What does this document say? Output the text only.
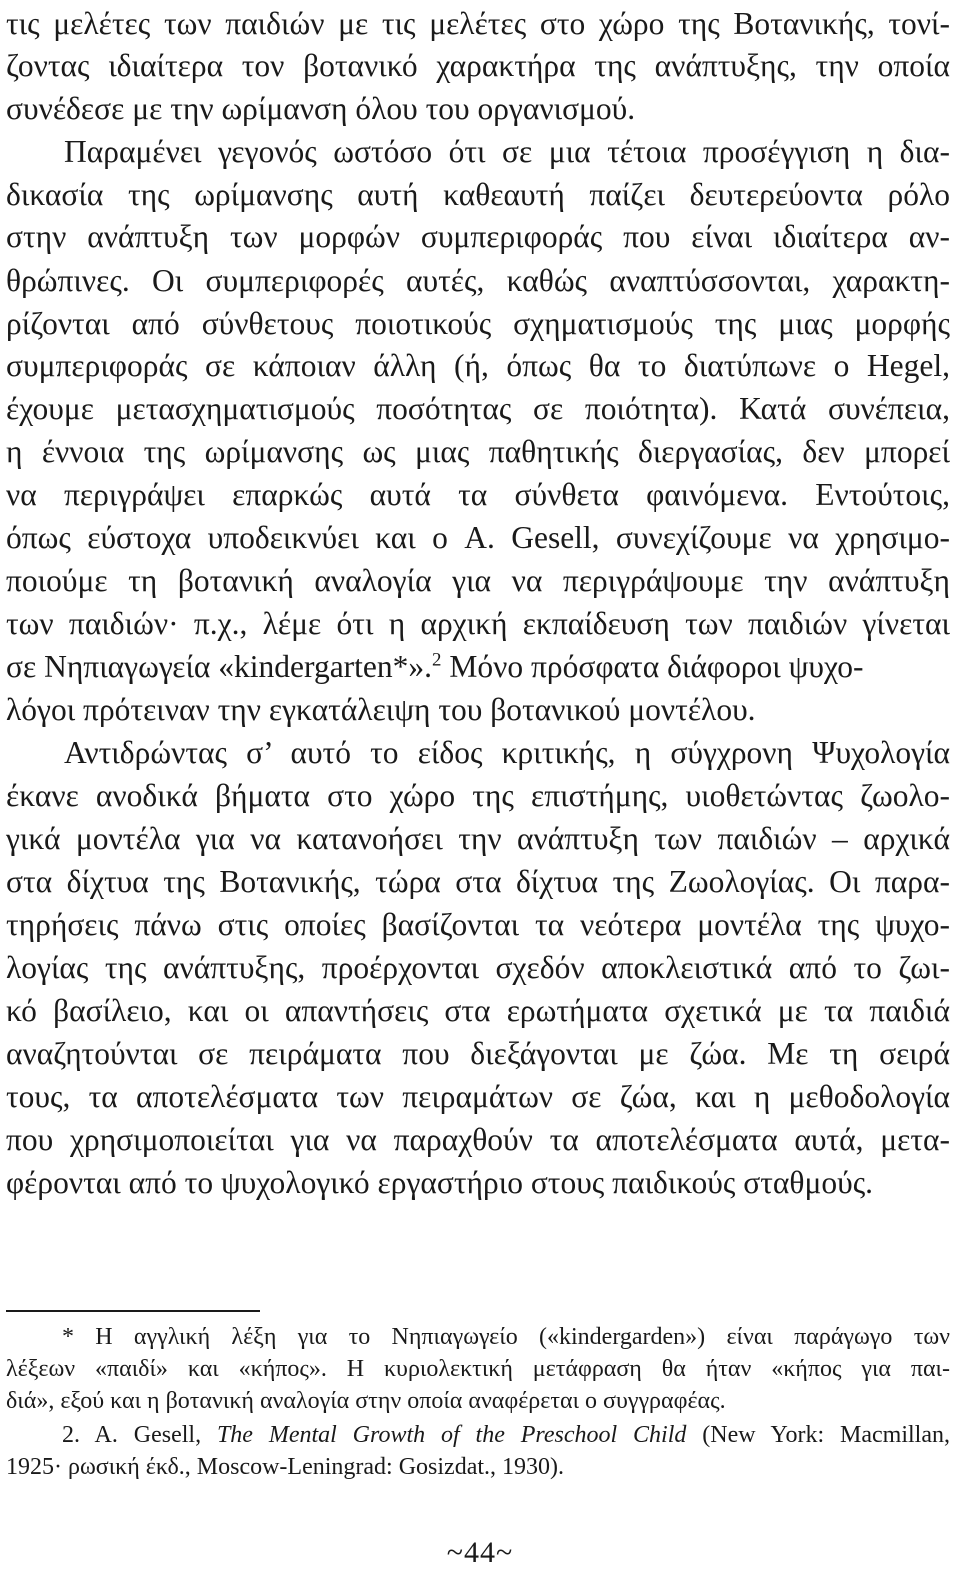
τις μελέτες των παιδιών με τις μελέτες στο χώρο της Βοτανικής, τονί-
ζοντας ιδιαίτερα τον βοτανικό χαρακτήρα της ανάπτυξης, την οποία
συνέδεσε με την ωρίμανση όλου του οργανισμού.
Παραμένει γεγονός ωστόσο ότι σε μια τέτοια προσέγγιση η δια-
δικασία της ωρίμανσης αυτή καθεαυτή παίζει δευτερεύοντα ρόλο
στην ανάπτυξη των μορφών συμπεριφοράς που είναι ιδιαίτερα αν-
θρώπινες. Οι συμπεριφορές αυτές, καθώς αναπτύσσονται, χαρακτη-
ρίζονται από σύνθετους ποιοτικούς σχηματισμούς της μιας μορφής
συμπεριφοράς σε κάποιαν άλλη (ή, όπως θα το διατύπωνε ο Hegel,
έχουμε μετασχηματισμούς ποσότητας σε ποιότητα). Κατά συνέπεια,
η έννοια της ωρίμανσης ως μιας παθητικής διεργασίας, δεν μπορεί
να περιγράψει επαρκώς αυτά τα σύνθετα φαινόμενα. Εντούτοις,
όπως εύστοχα υποδεικνύει και ο A. Gesell, συνεχίζουμε να χρησιμο-
ποιούμε τη βοτανική αναλογία για να περιγράψουμε την ανάπτυξη
των παιδιών· π.χ., λέμε ότι η αρχική εκπαίδευση των παιδιών γίνεται
σε Νηπιαγωγεία «kindergarten*».$^2$ Μόνο πρόσφατα διάφοροι ψυχο-
λόγοι πρότειναν την εγκατάλειψη του βοτανικού μοντέλου.
Αντιδρώντας σ’ αυτό το είδος κριτικής, η σύγχρονη Ψυχολογία
έκανε ανοδικά βήματα στο χώρο της επιστήμης, υιοθετώντας ζωολο-
γικά μοντέλα για να κατανοήσει την ανάπτυξη των παιδιών – αρχικά
στα δίχτυα της Βοτανικής, τώρα στα δίχτυα της Ζωολογίας. Οι παρα-
τηρήσεις πάνω στις οποίες βασίζονται τα νεότερα μοντέλα της ψυχο-
λογίας της ανάπτυξης, προέρχονται σχεδόν αποκλειστικά από το ζωι-
κό βασίλειο, και οι απαντήσεις στα ερωτήματα σχετικά με τα παιδιά
αναζητούνται σε πειράματα που διεξάγονται με ζώα. Με τη σειρά
τους, τα αποτελέσματα των πειραμάτων σε ζώα, και η μεθοδολογία
που χρησιμοποιείται για να παραχθούν τα αποτελέσματα αυτά, μετα-
φέρονται από το ψυχολογικό εργαστήριο στους παιδικούς σταθμούς.
* Η αγγλική λέξη για το Νηπιαγωγείο («kindergarden») είναι παράγωγο των
λέξεων «παιδί» και «κήπος». Η κυριολεκτική μετάφραση θα ήταν «κήπος για παι-
διά», εξού και η βοτανική αναλογία στην οποία αναφέρεται ο συγγραφέας.
2. A. Gesell, The Mental Growth of the Preschool Child (New York: Macmillan,
1925· ρωσική έκδ., Moscow-Leningrad: Gosizdat., 1930).
~44~
